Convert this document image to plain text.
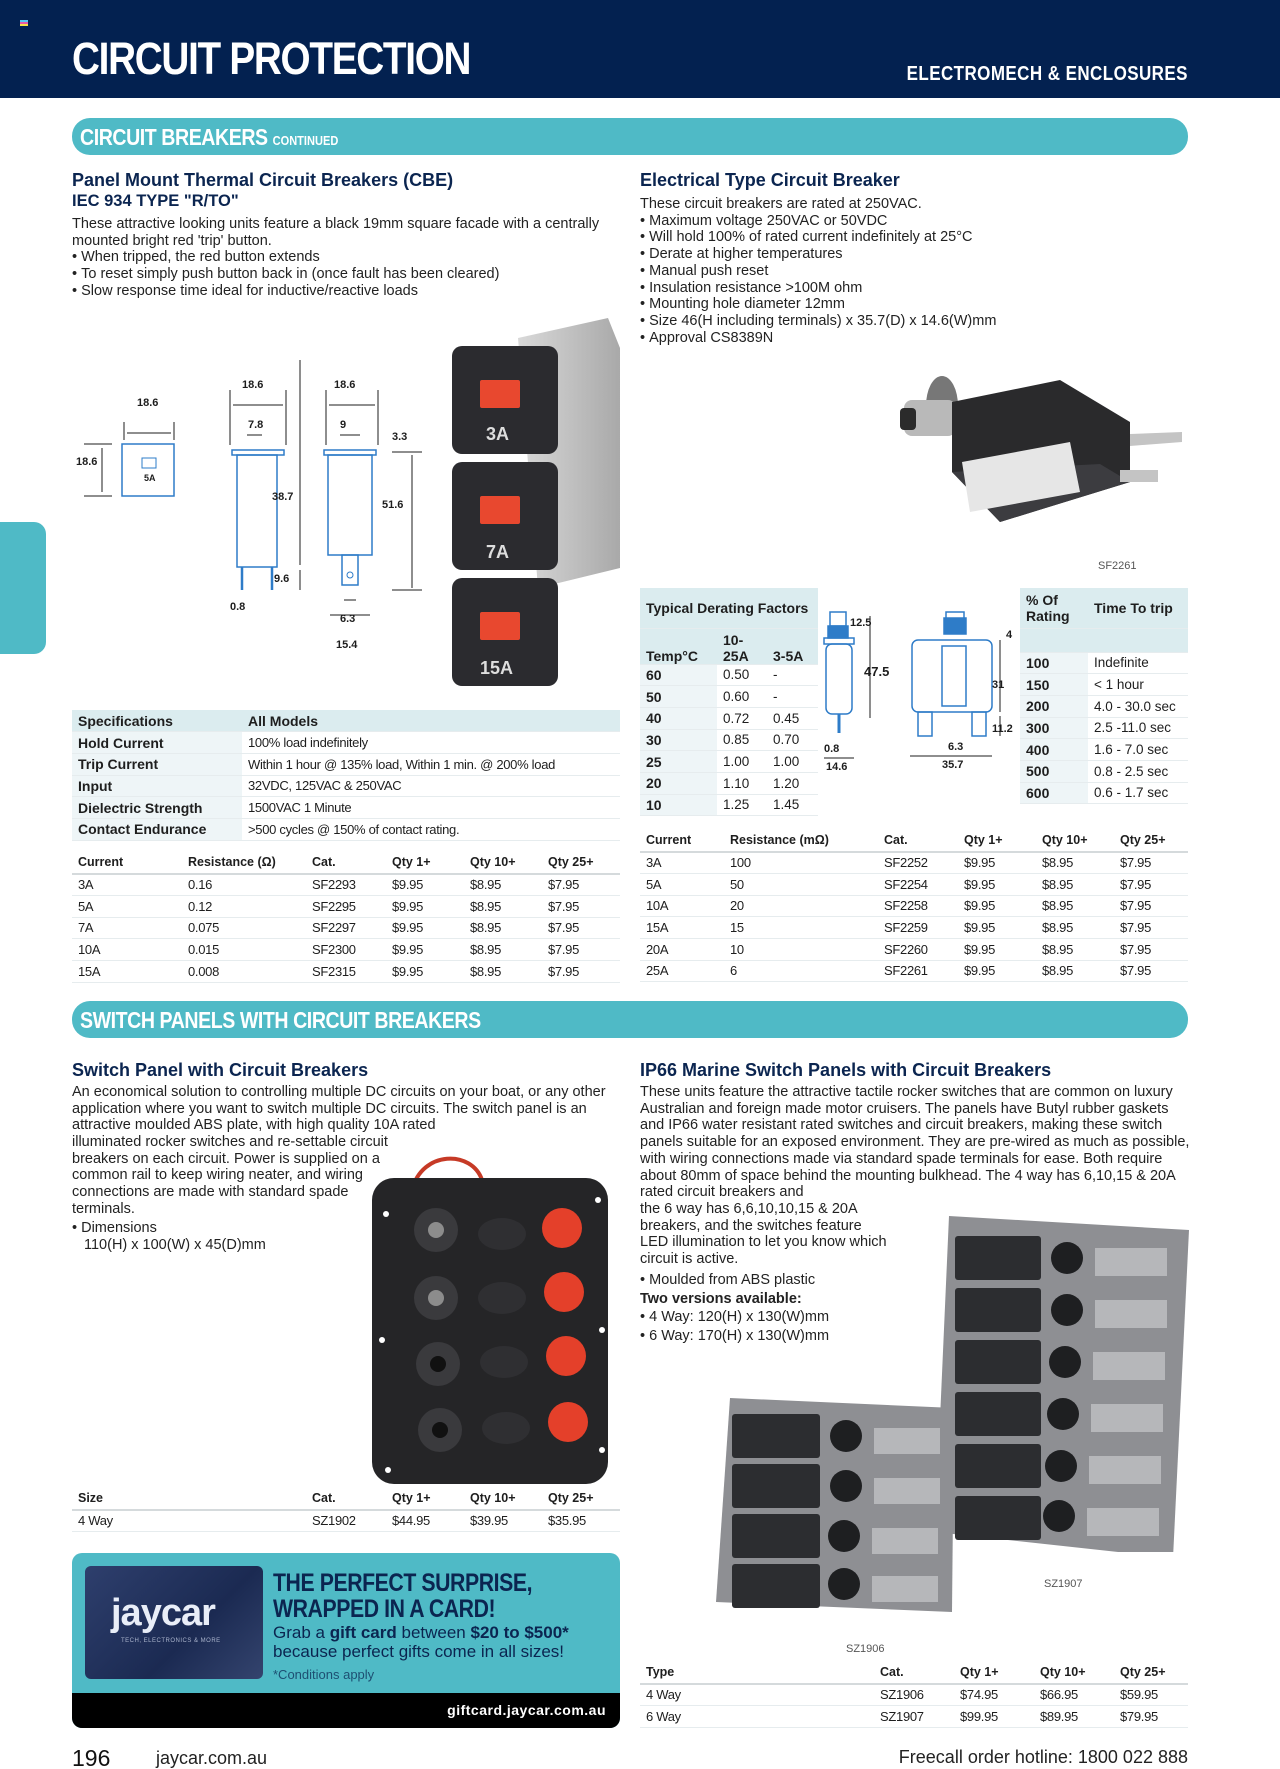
CIRCUIT PROTECTION	ELECTROMECH & ENCLOSURES
CIRCUIT BREAKERS CONTINUED
Panel Mount Thermal Circuit Breakers (CBE)
IEC 934 TYPE "R/TO"
These attractive looking units feature a black 19mm square facade with a centrally mounted bright red 'trip' button.
• When tripped, the red button extends
• To reset simply push button back in (once fault has been cleared)
• Slow response time ideal for inductive/reactive loads
18.6
18.6
5A
18.6
7.8
38.7
9.6
0.8
18.6
9
3.3
51.6
6.3
15.4
3A
7A
15A
Specifications	All Models
Hold Current	100% load indefinitely
Trip Current	Within 1 hour @ 135% load, Within 1 min. @ 200% load
Input	32VDC, 125VAC & 250VAC
Dielectric Strength	1500VAC 1 Minute
Contact Endurance	>500 cycles @ 150% of contact rating.
Current	Resistance (Ω)	Cat.	Qty 1+	Qty 10+	Qty 25+
3A	0.16	SF2293	$9.95	$8.95	$7.95
5A	0.12	SF2295	$9.95	$8.95	$7.95
7A	0.075	SF2297	$9.95	$8.95	$7.95
10A	0.015	SF2300	$9.95	$8.95	$7.95
15A	0.008	SF2315	$9.95	$8.95	$7.95
Electrical Type Circuit Breaker
These circuit breakers are rated at 250VAC.
• Maximum voltage 250VAC or 50VDC
• Will hold 100% of rated current indefinitely at 25°C
• Derate at higher temperatures
• Manual push reset
• Insulation resistance >100M ohm
• Mounting hole diameter 12mm
• Size 46(H including terminals) x 35.7(D) x 14.6(W)mm
• Approval CS8389N
SF2261
Typical Derating Factors		
Temp°C	10-25A	3-5A
60	0.50	-
50	0.60	-
40	0.72	0.45
30	0.85	0.70
25	1.00	1.00
20	1.10	1.20
10	1.25	1.45
12.5
47.5
0.8
14.6
4
31
11.2
6.3
35.7
% Of Rating	Time To trip

100	Indefinite
150	< 1 hour
200	4.0 - 30.0 sec
300	2.5 -11.0 sec
400	1.6 - 7.0 sec
500	0.8 - 2.5 sec
600	0.6 - 1.7 sec
Current	Resistance (mΩ)	Cat.	Qty 1+	Qty 10+	Qty 25+
3A	100	SF2252	$9.95	$8.95	$7.95
5A	50	SF2254	$9.95	$8.95	$7.95
10A	20	SF2258	$9.95	$8.95	$7.95
15A	15	SF2259	$9.95	$8.95	$7.95
20A	10	SF2260	$9.95	$8.95	$7.95
25A	6	SF2261	$9.95	$8.95	$7.95
SWITCH PANELS WITH CIRCUIT BREAKERS
Switch Panel with Circuit Breakers
An economical solution to controlling multiple DC circuits on your boat, or any other application where you want to switch multiple DC circuits. The switch panel is an attractive moulded ABS plate, with high quality 10A rated
illuminated rocker switches and re-settable circuit breakers on each circuit. Power is supplied on a common rail to keep wiring neater, and wiring connections are made with standard spade terminals.
• Dimensions
110(H) x 100(W) x 45(D)mm
Size	Cat.	Qty 1+	Qty 10+	Qty 25+
4 Way	SZ1902	$44.95	$39.95	$35.95
IP66 Marine Switch Panels with Circuit Breakers
These units feature the attractive tactile rocker switches that are common on luxury Australian and foreign made motor cruisers. The panels have Butyl rubber gaskets and IP66 water resistant rated switches and circuit breakers, making these switch panels suitable for an exposed environment. They are pre-wired as much as possible, with wiring connections made via standard spade terminals for ease. Both require about 80mm of space behind the mounting bulkhead. The 4 way has 6,10,15 & 20A rated circuit breakers and
the 6 way has 6,6,10,10,15 & 20A breakers, and the switches feature LED illumination to let you know which circuit is active.
• Moulded from ABS plastic
Two versions available:
• 4 Way: 120(H) x 130(W)mm
• 6 Way: 170(H) x 130(W)mm
SZ1907
SZ1906
Type	Cat.	Qty 1+	Qty 10+	Qty 25+
4 Way	SZ1906	$74.95	$66.95	$59.95
6 Way	SZ1907	$99.95	$89.95	$79.95
jaycar
TECH, ELECTRONICS & MORE
THE PERFECT SURPRISE,
WRAPPED IN A CARD!
Grab a gift card between $20 to $500*
because perfect gifts come in all sizes!
*Conditions apply
giftcard.jaycar.com.au
196	jaycar.com.au	Freecall order hotline: 1800 022 888
